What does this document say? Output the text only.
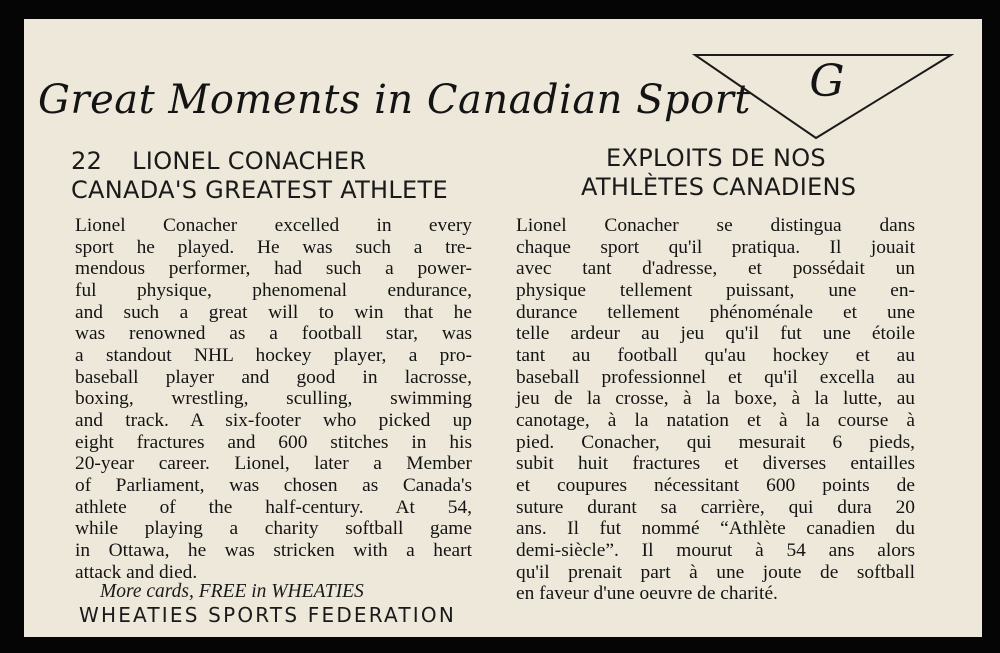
Great Moments in Canadian Sport G
22 LIONEL CONACHER
CANADA'S GREATEST ATHLETE
EXPLOITS DE NOS
ATHLÈTES CANADIENS
Lionel Conacher excelled in every
sport he played. He was such a tre-
mendous performer, had such a power-
ful physique, phenomenal endurance,
and such a great will to win that he
was renowned as a football star, was
a standout NHL hockey player, a pro-
baseball player and good in lacrosse,
boxing, wrestling, sculling, swimming
and track. A six-footer who picked up
eight fractures and 600 stitches in his
20-year career. Lionel, later a Member
of Parliament, was chosen as Canada's
athlete of the half-century. At 54,
while playing a charity softball game
in Ottawa, he was stricken with a heart
attack and died.
Lionel Conacher se distingua dans
chaque sport qu'il pratiqua. Il jouait
avec tant d'adresse, et possédait un
physique tellement puissant, une en-
durance tellement phénoménale et une
telle ardeur au jeu qu'il fut une étoile
tant au football qu'au hockey et au
baseball professionnel et qu'il excella au
jeu de la crosse, à la boxe, à la lutte, au
canotage, à la natation et à la course à
pied. Conacher, qui mesurait 6 pieds,
subit huit fractures et diverses entailles
et coupures nécessitant 600 points de
suture durant sa carrière, qui dura 20
ans. Il fut nommé “Athlète canadien du
demi-siècle”. Il mourut à 54 ans alors
qu'il prenait part à une joute de softball
en faveur d'une oeuvre de charité.
More cards, FREE in WHEATIES
WHEATIES SPORTS FEDERATION
